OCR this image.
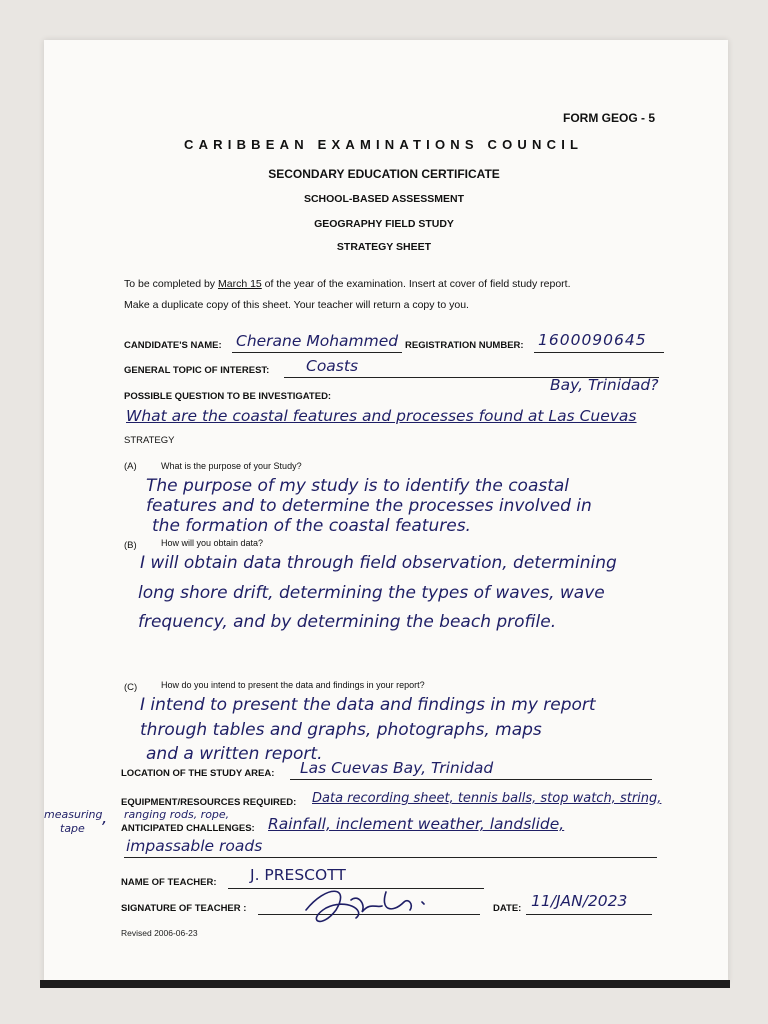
FORM GEOG - 5
CARIBBEAN EXAMINATIONS COUNCIL
SECONDARY EDUCATION CERTIFICATE
SCHOOL-BASED ASSESSMENT
GEOGRAPHY FIELD STUDY
STRATEGY SHEET
To be completed by March 15 of the year of the examination. Insert at cover of field study report.
Make a duplicate copy of this sheet. Your teacher will return a copy to you.
CANDIDATE'S NAME: Cherane Mohammed REGISTRATION NUMBER: 1600090645
GENERAL TOPIC OF INTEREST: Coasts
POSSIBLE QUESTION TO BE INVESTIGATED:
Bay, Trinidad?
What are the coastal features and processes found at Las Cuevas
STRATEGY
(A)	What is the purpose of your Study?
The purpose of my study is to identify the coastal
features and to determine the processes involved in
the formation of the coastal features.
(B)	How will you obtain data?
I will obtain data through field observation, determining
long shore drift, determining the types of waves, wave
frequency, and by determining the beach profile.
(C)	How do you intend to present the data and findings in your report?
I intend to present the data and findings in my report
through tables and graphs, photographs, maps
and a written report.
LOCATION OF THE STUDY AREA: Las Cuevas Bay, Trinidad
measuring
tape
,
EQUIPMENT/RESOURCES REQUIRED: Data recording sheet, tennis balls, stop watch, string,
ranging rods, rope,
ANTICIPATED CHALLENGES: Rainfall, inclement weather, landslide,
impassable roads
NAME OF TEACHER: J. PRESCOTT
SIGNATURE OF TEACHER :	DATE: 11/JAN/2023
Revised 2006-06-23
